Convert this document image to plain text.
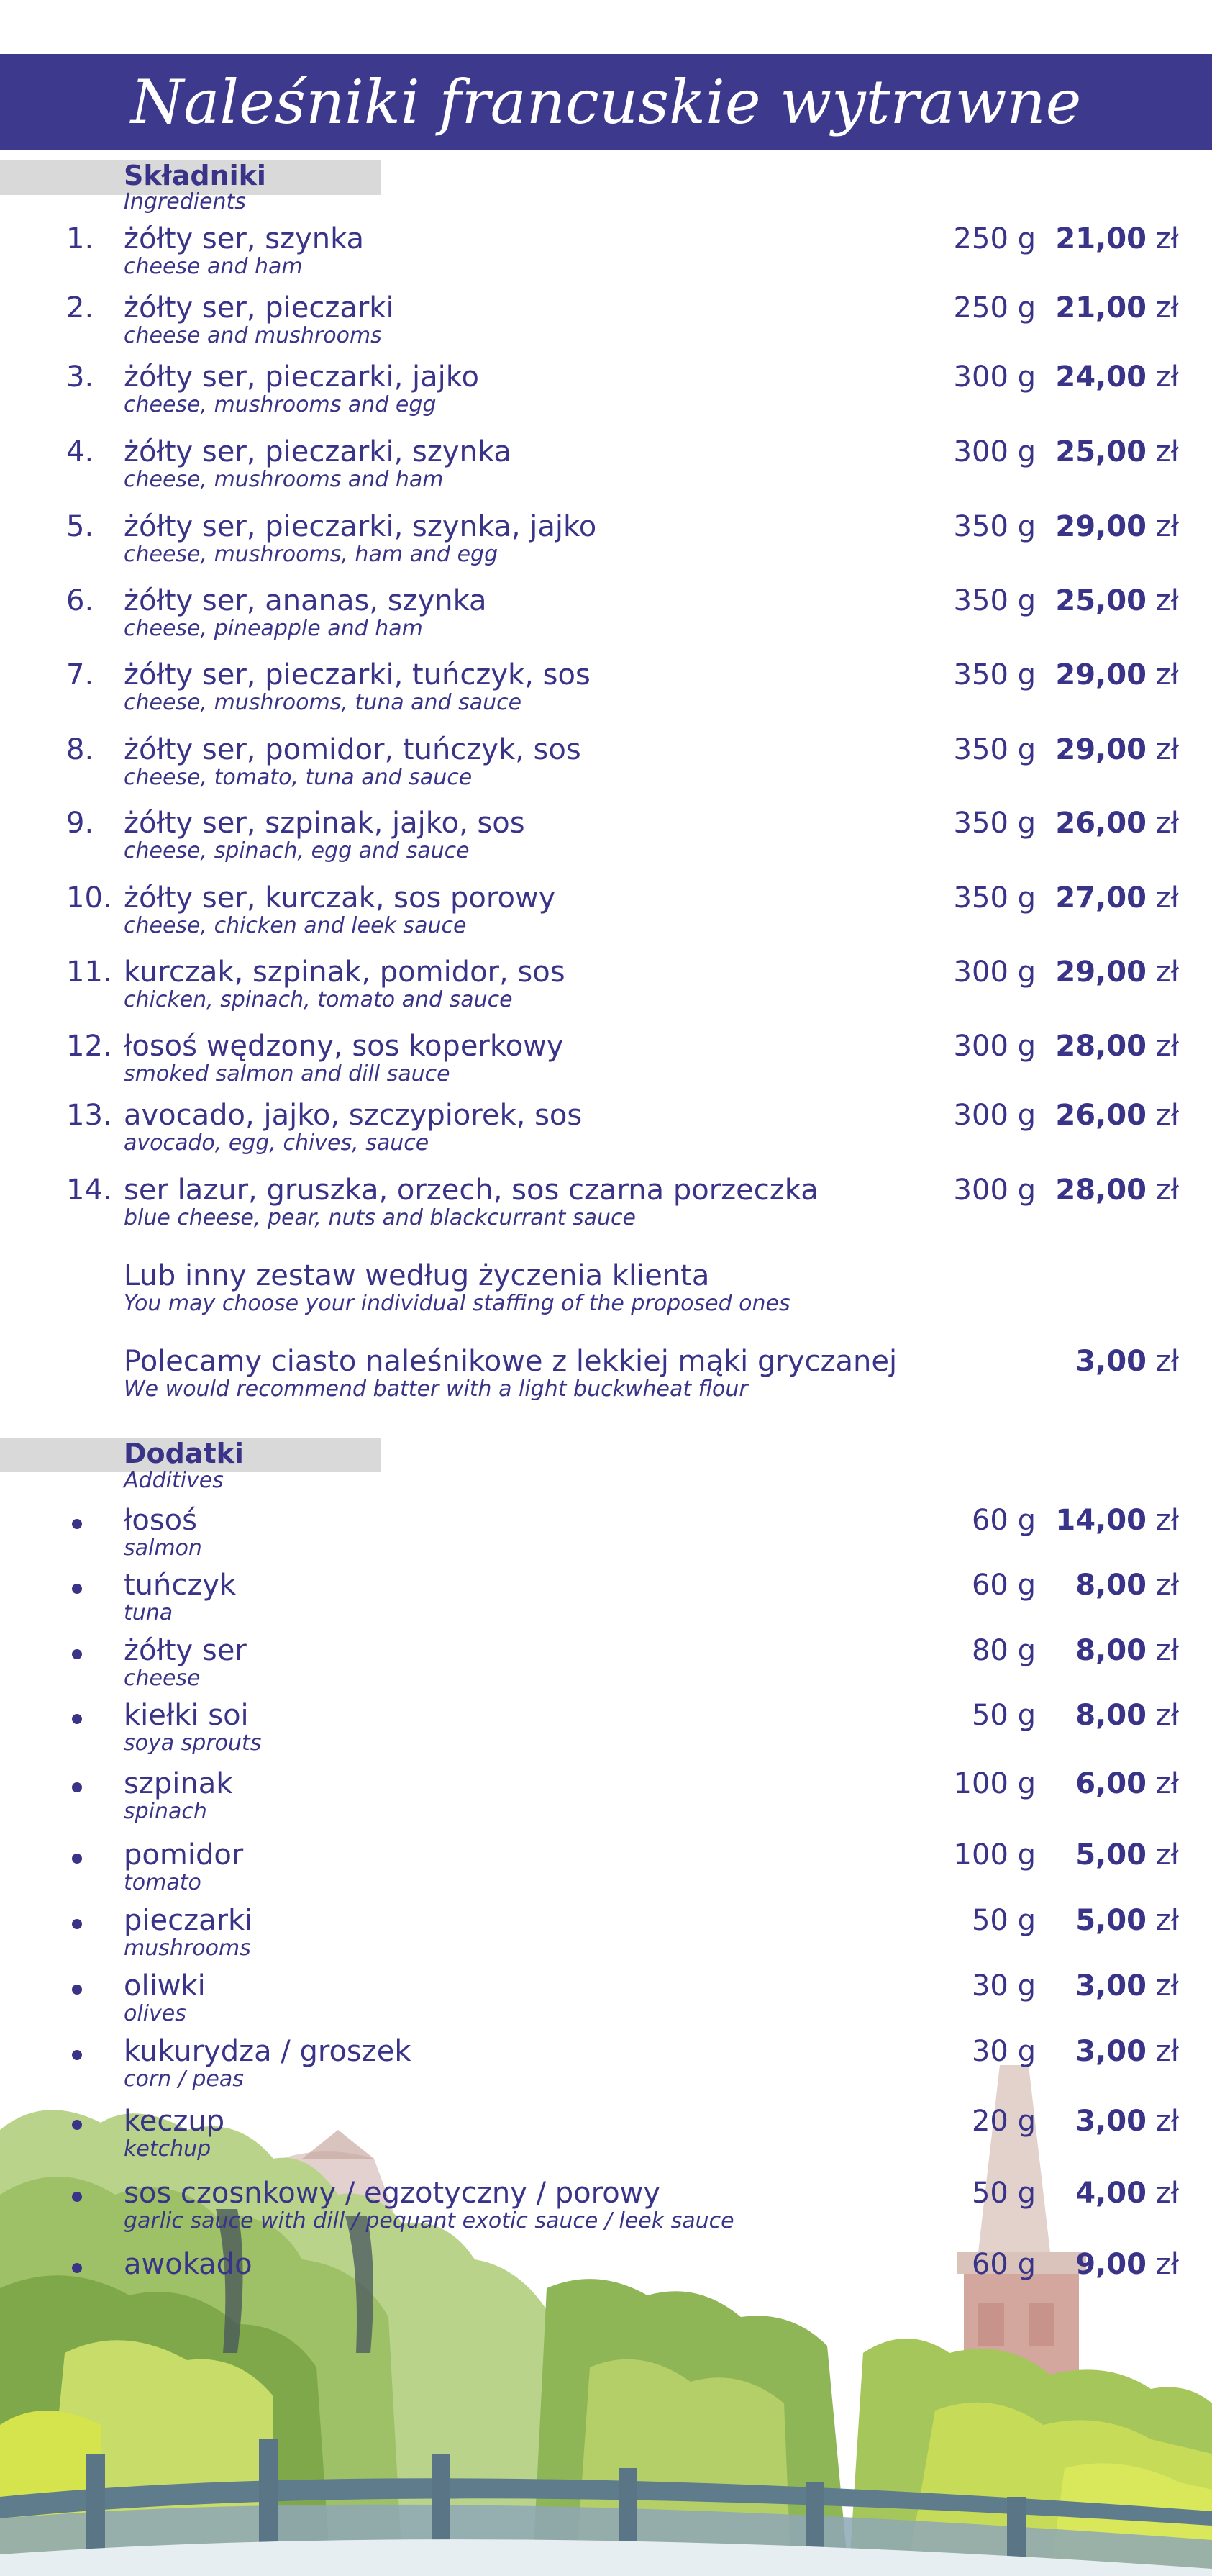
Naleśniki francuskie wytrawne
Składniki
Ingredients
1. żółty ser, szynka
cheese and ham
250 g 21,00 zł
2. żółty ser, pieczarki
cheese and mushrooms
250 g 21,00 zł
3. żółty ser, pieczarki, jajko
cheese, mushrooms and egg
300 g 24,00 zł
4. żółty ser, pieczarki, szynka
cheese, mushrooms and ham
300 g 25,00 zł
5. żółty ser, pieczarki, szynka, jajko
cheese, mushrooms, ham and egg
350 g 29,00 zł
6. żółty ser, ananas, szynka
cheese, pineapple and ham
350 g 25,00 zł
7. żółty ser, pieczarki, tuńczyk, sos
cheese, mushrooms, tuna and sauce
350 g 29,00 zł
8. żółty ser, pomidor, tuńczyk, sos
cheese, tomato, tuna and sauce
350 g 29,00 zł
9. żółty ser, szpinak, jajko, sos
cheese, spinach, egg and sauce
350 g 26,00 zł
10. żółty ser, kurczak, sos porowy
cheese, chicken and leek sauce
350 g 27,00 zł
11. kurczak, szpinak, pomidor, sos
chicken, spinach, tomato and sauce
300 g 29,00 zł
12. łosoś wędzony, sos koperkowy
smoked salmon and dill sauce
300 g 28,00 zł
13. avocado, jajko, szczypiorek, sos
avocado, egg, chives, sauce
300 g 26,00 zł
14. ser lazur, gruszka, orzech, sos czarna porzeczka
blue cheese, pear, nuts and blackcurrant sauce
300 g 28,00 zł
Lub inny zestaw według życzenia klienta
You may choose your individual staffing of the proposed ones
Polecamy ciasto naleśnikowe z lekkiej mąki gryczanej
We would recommend batter with a light buckwheat flour
3,00 zł
Dodatki
Additives
łosoś
salmon
60 g 14,00 zł
tuńczyk
tuna
60 g 8,00 zł
żółty ser
cheese
80 g 8,00 zł
kiełki soi
soya sprouts
50 g 8,00 zł
szpinak
spinach
100 g 6,00 zł
pomidor
tomato
100 g 5,00 zł
pieczarki
mushrooms
50 g 5,00 zł
oliwki
olives
30 g 3,00 zł
kukurydza / groszek
corn / peas
30 g 3,00 zł
keczup
ketchup
20 g 3,00 zł
sos czosnkowy / egzotyczny / porowy
garlic sauce with dill / pequant exotic sauce / leek sauce
50 g 4,00 zł
awokado	60 g 9,00 zł
